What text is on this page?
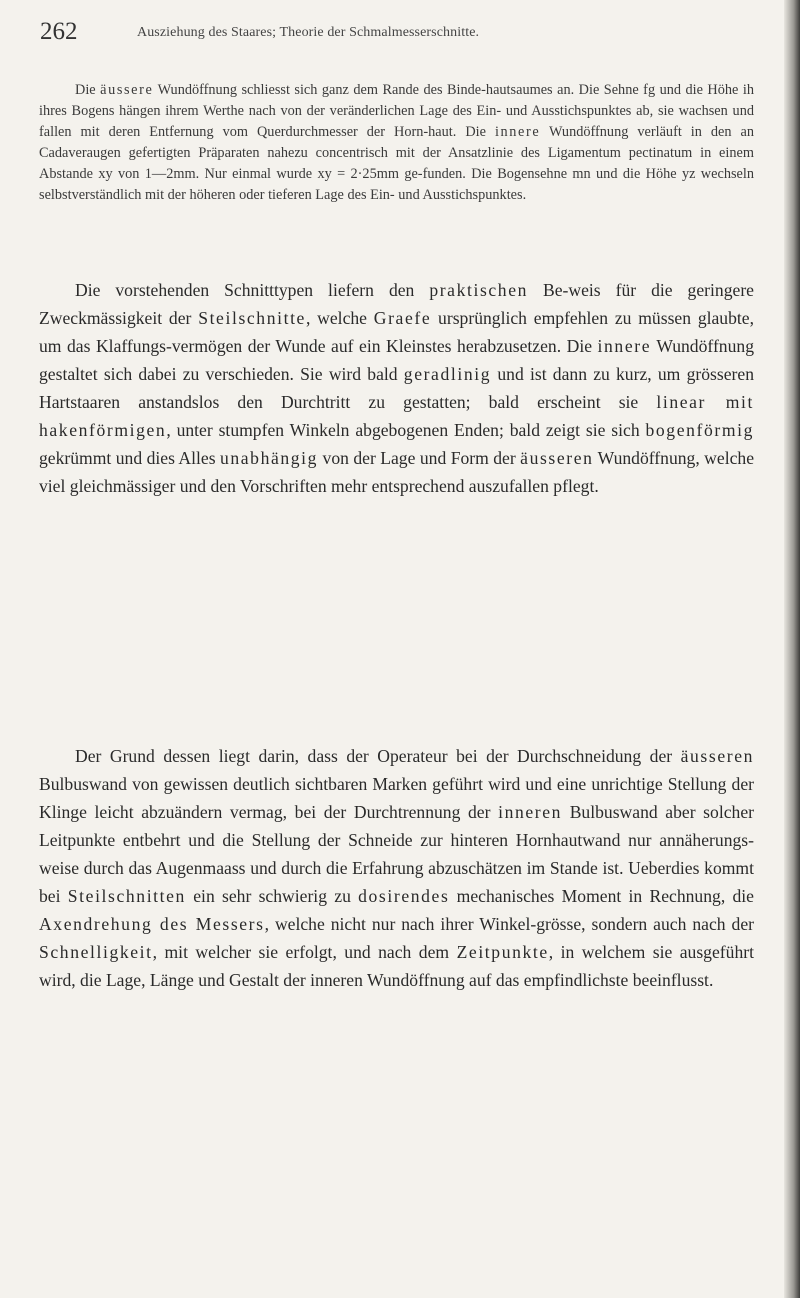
262	Ausziehung des Staares; Theorie der Schmalmesserschnitte.

Die äussere Wundöffnung schliesst sich ganz dem Rande des Binde-hautsaumes an. Die Sehne fg und die Höhe ih ihres Bogens hängen ihrem Werthe nach von der veränderlichen Lage des Ein- und Ausstichspunktes ab, sie wachsen und fallen mit deren Entfernung vom Querdurchmesser der Horn-haut. Die innere Wundöffnung verläuft in den an Cadaveraugen gefertigten Präparaten nahezu concentrisch mit der Ansatzlinie des Ligamentum pectinatum in einem Abstande xy von 1—2mm. Nur einmal wurde xy = 2·25mm ge-funden. Die Bogensehne mn und die Höhe yz wechseln selbstverständlich mit der höheren oder tieferen Lage des Ein- und Ausstichspunktes.

Die vorstehenden Schnitttypen liefern den praktischen Be-weis für die geringere Zweckmässigkeit der Steilschnitte, welche Graefe ursprünglich empfehlen zu müssen glaubte, um das Klaffungs-vermögen der Wunde auf ein Kleinstes herabzusetzen. Die innere Wundöffnung gestaltet sich dabei zu verschieden. Sie wird bald geradlinig und ist dann zu kurz, um grösseren Hartstaaren anstandslos den Durchtritt zu gestatten; bald erscheint sie linear mit hakenförmigen, unter stumpfen Winkeln abgebogenen Enden; bald zeigt sie sich bogenförmig gekrümmt und dies Alles unabhängig von der Lage und Form der äusseren Wundöffnung, welche viel gleichmässiger und den Vorschriften mehr entsprechend auszufallen pflegt.

Der Grund dessen liegt darin, dass der Operateur bei der Durchschneidung der äusseren Bulbuswand von gewissen deutlich sichtbaren Marken geführt wird und eine unrichtige Stellung der Klinge leicht abzuändern vermag, bei der Durchtrennung der inneren Bulbuswand aber solcher Leitpunkte entbehrt und die Stellung der Schneide zur hinteren Hornhautwand nur annäherungs-weise durch das Augenmaass und durch die Erfahrung abzuschätzen im Stande ist. Ueberdies kommt bei Steilschnitten ein sehr schwierig zu dosirendes mechanisches Moment in Rechnung, die Axendrehung des Messers, welche nicht nur nach ihrer Winkel-grösse, sondern auch nach der Schnelligkeit, mit welcher sie erfolgt, und nach dem Zeitpunkte, in welchem sie ausgeführt wird, die Lage, Länge und Gestalt der inneren Wundöffnung auf das empfindlichste beeinflusst.
